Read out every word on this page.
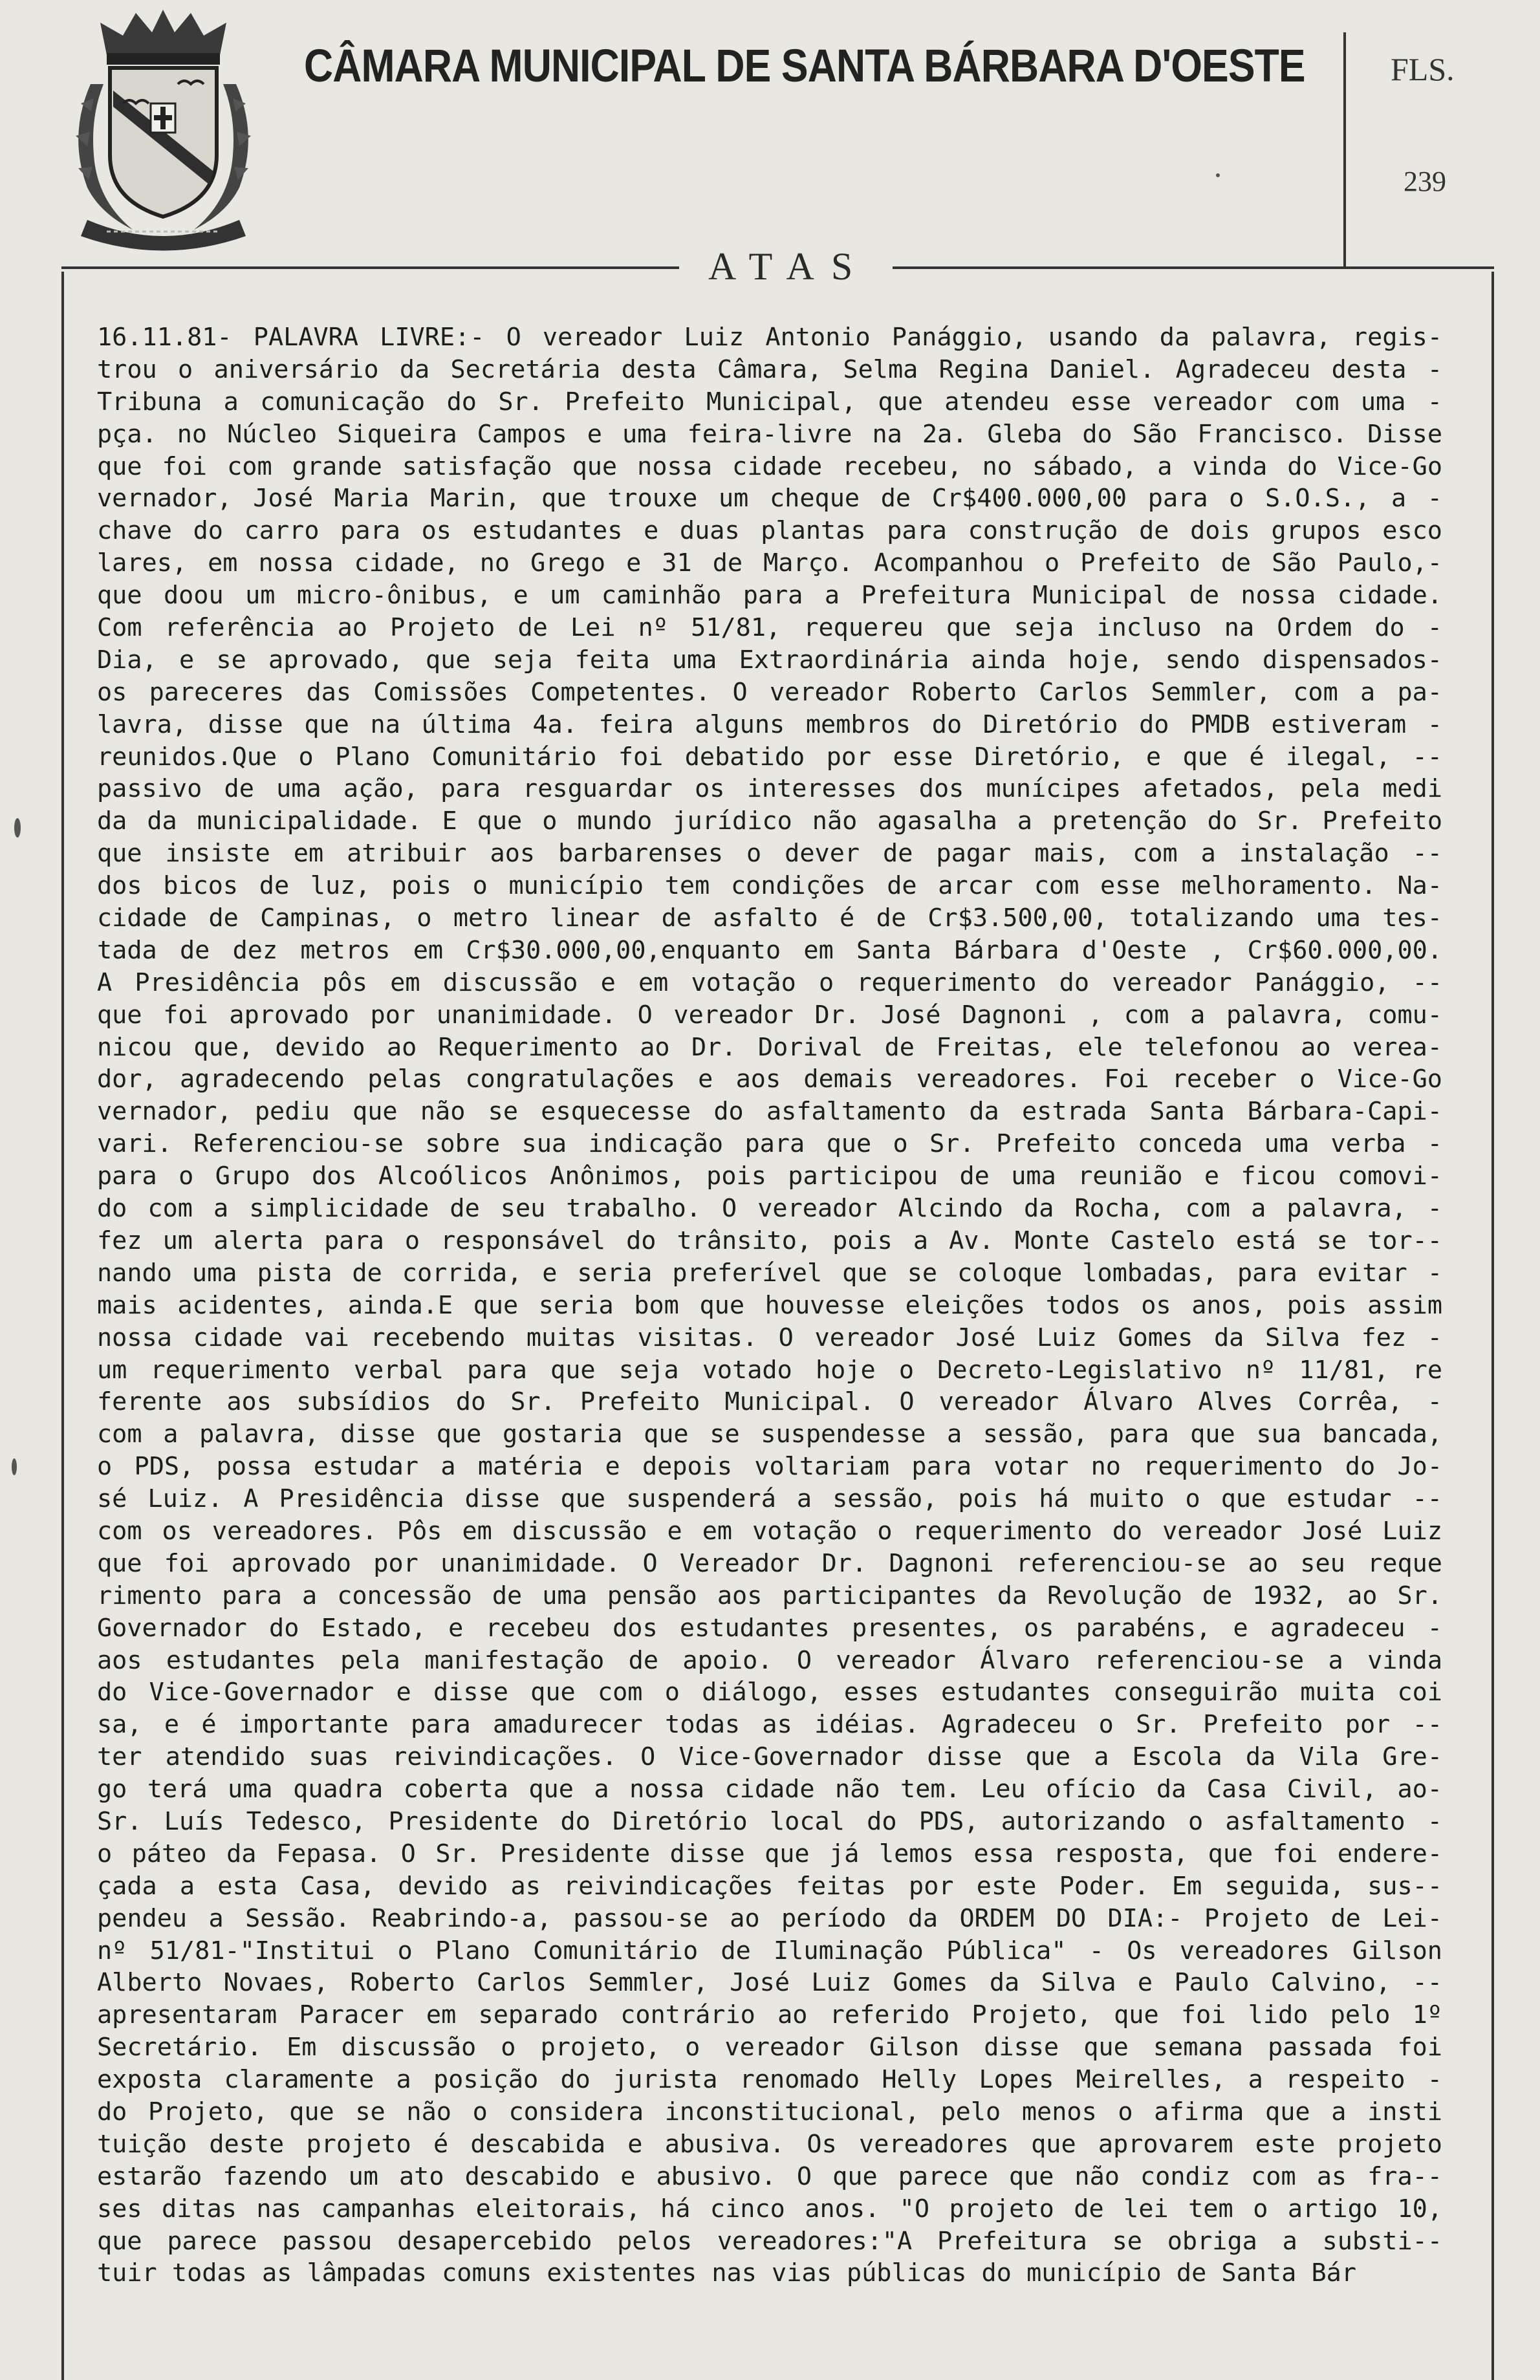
CÂMARA MUNICIPAL DE SANTA BÁRBARA D'OESTE	FLS.
239
ATAS
16.11.81- PALAVRA LIVRE:- O vereador Luiz Antonio Panággio, usando da palavra, regis-
trou o aniversário da Secretária desta Câmara, Selma Regina Daniel. Agradeceu desta -
Tribuna a comunicação do Sr. Prefeito Municipal, que atendeu esse vereador com uma -
pça. no Núcleo Siqueira Campos e uma feira-livre na 2a. Gleba do São Francisco. Disse
que foi com grande satisfação que nossa cidade recebeu, no sábado, a vinda do Vice-Go
vernador, José Maria Marin, que trouxe um cheque de Cr$400.000,00 para o S.O.S., a -
chave do carro para os estudantes e duas plantas para construção de dois grupos esco
lares, em nossa cidade, no Grego e 31 de Março. Acompanhou o Prefeito de São Paulo,-
que doou um micro-ônibus, e um caminhão para a Prefeitura Municipal de nossa cidade.
Com referência ao Projeto de Lei nº 51/81, requereu que seja incluso na Ordem do -
Dia, e se aprovado, que seja feita uma Extraordinária ainda hoje, sendo dispensados-
os pareceres das Comissões Competentes. O vereador Roberto Carlos Semmler, com a pa-
lavra, disse que na última 4a. feira alguns membros do Diretório do PMDB estiveram -
reunidos.Que o Plano Comunitário foi debatido por esse Diretório, e que é ilegal, --
passivo de uma ação, para resguardar os interesses dos munícipes afetados, pela medi
da da municipalidade. E que o mundo jurídico não agasalha a pretenção do Sr. Prefeito
que insiste em atribuir aos barbarenses o dever de pagar mais, com a instalação --
dos bicos de luz, pois o município tem condições de arcar com esse melhoramento. Na-
cidade de Campinas, o metro linear de asfalto é de Cr$3.500,00, totalizando uma tes-
tada de dez metros em Cr$30.000,00,enquanto em Santa Bárbara d'Oeste , Cr$60.000,00.
A Presidência pôs em discussão e em votação o requerimento do vereador Panággio, --
que foi aprovado por unanimidade. O vereador Dr. José Dagnoni , com a palavra, comu-
nicou que, devido ao Requerimento ao Dr. Dorival de Freitas, ele telefonou ao verea-
dor, agradecendo pelas congratulações e aos demais vereadores. Foi receber o Vice-Go
vernador, pediu que não se esquecesse do asfaltamento da estrada Santa Bárbara-Capi-
vari. Referenciou-se sobre sua indicação para que o Sr. Prefeito conceda uma verba -
para o Grupo dos Alcoólicos Anônimos, pois participou de uma reunião e ficou comovi-
do com a simplicidade de seu trabalho. O vereador Alcindo da Rocha, com a palavra, -
fez um alerta para o responsável do trânsito, pois a Av. Monte Castelo está se tor--
nando uma pista de corrida, e seria preferível que se coloque lombadas, para evitar -
mais acidentes, ainda.E que seria bom que houvesse eleições todos os anos, pois assim
nossa cidade vai recebendo muitas visitas. O vereador José Luiz Gomes da Silva fez -
um requerimento verbal para que seja votado hoje o Decreto-Legislativo nº 11/81, re
ferente aos subsídios do Sr. Prefeito Municipal. O vereador Álvaro Alves Corrêa, -
com a palavra, disse que gostaria que se suspendesse a sessão, para que sua bancada,
o PDS, possa estudar a matéria e depois voltariam para votar no requerimento do Jo-
sé Luiz. A Presidência disse que suspenderá a sessão, pois há muito o que estudar --
com os vereadores. Pôs em discussão e em votação o requerimento do vereador José Luiz
que foi aprovado por unanimidade. O Vereador Dr. Dagnoni referenciou-se ao seu reque
rimento para a concessão de uma pensão aos participantes da Revolução de 1932, ao Sr.
Governador do Estado, e recebeu dos estudantes presentes, os parabéns, e agradeceu -
aos estudantes pela manifestação de apoio. O vereador Álvaro referenciou-se a vinda
do Vice-Governador e disse que com o diálogo, esses estudantes conseguirão muita coi
sa, e é importante para amadurecer todas as idéias. Agradeceu o Sr. Prefeito por --
ter atendido suas reivindicações. O Vice-Governador disse que a Escola da Vila Gre-
go terá uma quadra coberta que a nossa cidade não tem. Leu ofício da Casa Civil, ao-
Sr. Luís Tedesco, Presidente do Diretório local do PDS, autorizando o asfaltamento -
o páteo da Fepasa. O Sr. Presidente disse que já lemos essa resposta, que foi endere-
çada a esta Casa, devido as reivindicações feitas por este Poder. Em seguida, sus--
pendeu a Sessão. Reabrindo-a, passou-se ao período da ORDEM DO DIA:- Projeto de Lei-
nº 51/81-"Institui o Plano Comunitário de Iluminação Pública" - Os vereadores Gilson
Alberto Novaes, Roberto Carlos Semmler, José Luiz Gomes da Silva e Paulo Calvino, --
apresentaram Paracer em separado contrário ao referido Projeto, que foi lido pelo 1º
Secretário. Em discussão o projeto, o vereador Gilson disse que semana passada foi
exposta claramente a posição do jurista renomado Helly Lopes Meirelles, a respeito -
do Projeto, que se não o considera inconstitucional, pelo menos o afirma que a insti
tuição deste projeto é descabida e abusiva. Os vereadores que aprovarem este projeto
estarão fazendo um ato descabido e abusivo. O que parece que não condiz com as fra--
ses ditas nas campanhas eleitorais, há cinco anos. "O projeto de lei tem o artigo 10,
que parece passou desapercebido pelos vereadores:"A Prefeitura se obriga a substi--
tuir todas as lâmpadas comuns existentes nas vias públicas do município de Santa Bár
